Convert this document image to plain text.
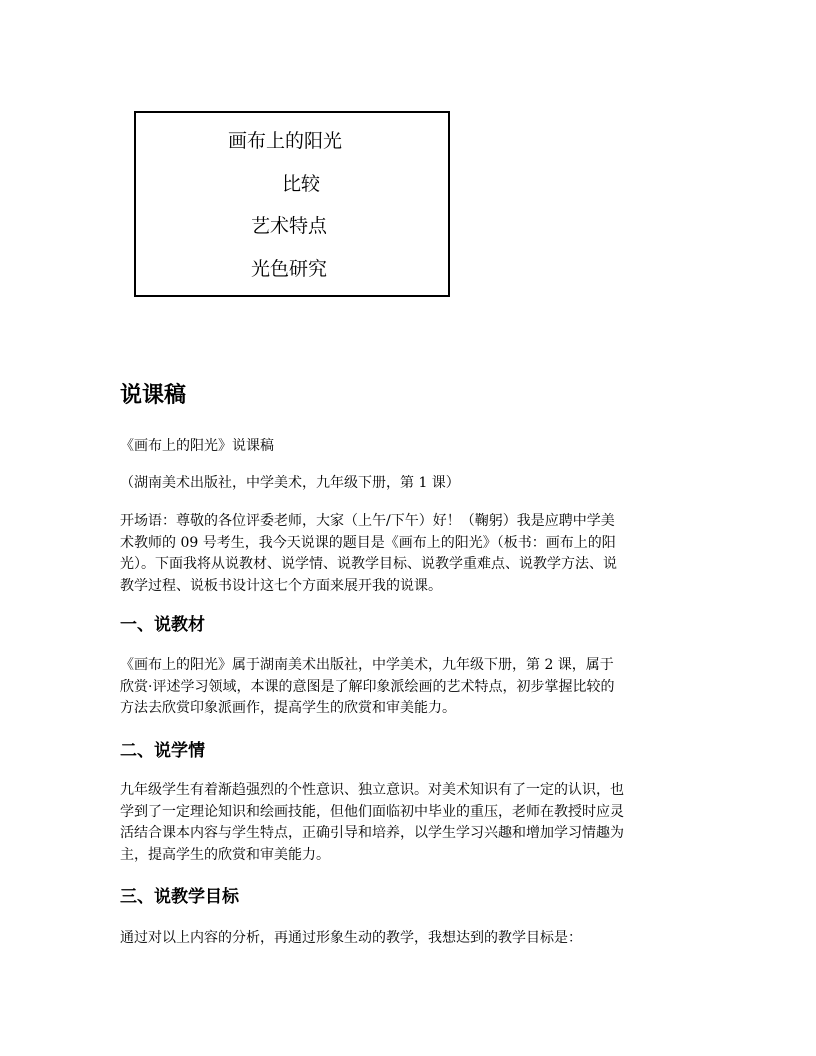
画布上的阳光
比较
艺术特点
光色研究
说课稿
《画布上的阳光》说课稿
（湖南美术出版社，中学美术，九年级下册，第 1 课）
开场语：尊敬的各位评委老师，大家（上午/下午）好！（鞠躬）我是应聘中学美
术教师的 09 号考生，我今天说课的题目是《画布上的阳光》（板书：画布上的阳
光）。下面我将从说教材、说学情、说教学目标、说教学重难点、说教学方法、说
教学过程、说板书设计这七个方面来展开我的说课。
一、说教材
《画布上的阳光》属于湖南美术出版社，中学美术，九年级下册，第 2 课，属于
欣赏·评述学习领域，本课的意图是了解印象派绘画的艺术特点，初步掌握比较的
方法去欣赏印象派画作，提高学生的欣赏和审美能力。
二、说学情
九年级学生有着渐趋强烈的个性意识、独立意识。对美术知识有了一定的认识，也
学到了一定理论知识和绘画技能，但他们面临初中毕业的重压，老师在教授时应灵
活结合课本内容与学生特点，正确引导和培养，以学生学习兴趣和增加学习情趣为
主，提高学生的欣赏和审美能力。
三、说教学目标
通过对以上内容的分析，再通过形象生动的教学，我想达到的教学目标是：
